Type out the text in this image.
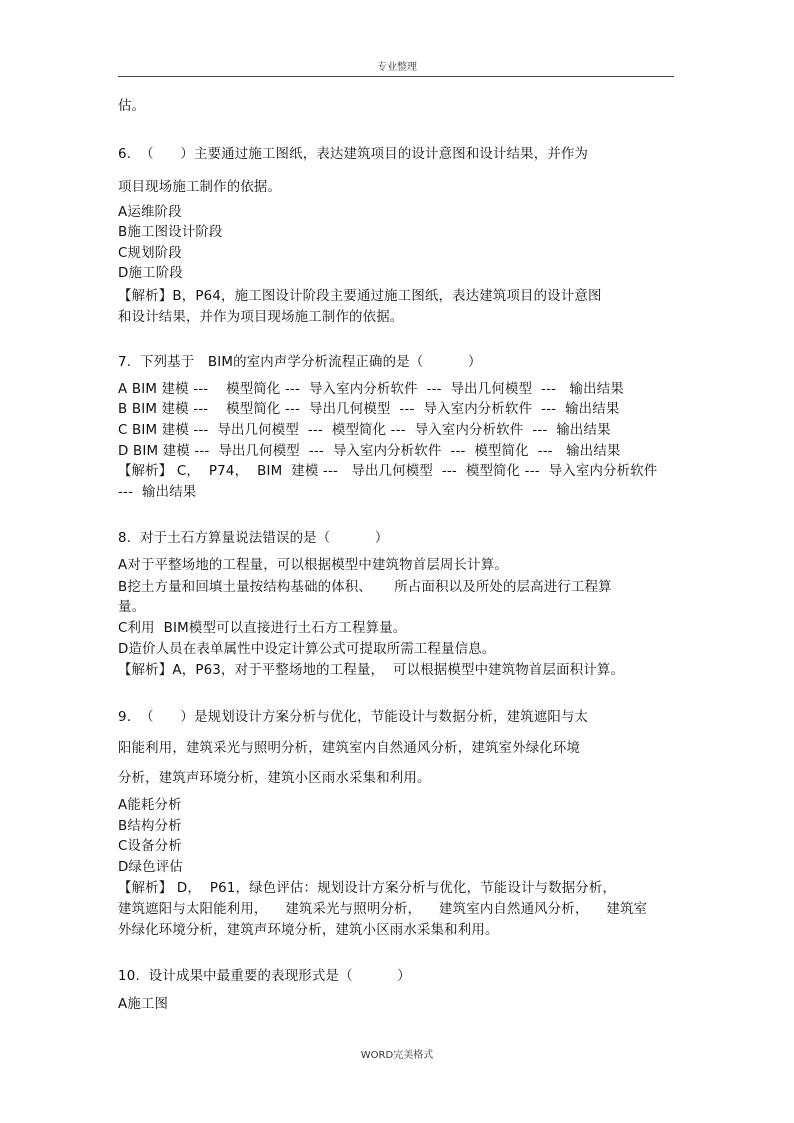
专业整理
估。
6.  （      ）主要通过施工图纸，表达建筑项目的设计意图和设计结果，并作为
项目现场施工制作的依据。
A运维阶段
B施工图设计阶段
C规划阶段
D施工阶段
【解析】B，P64，施工图设计阶段主要通过施工图纸，表达建筑项目的设计意图
和设计结果，并作为项目现场施工制作的依据。
7.  下列基于   BIM的室内声学分析流程正确的是（          ）
A BIM 建模 ---    模型简化 ---  导入室内分析软件  ---  导出几何模型  ---   输出结果
B BIM 建模 ---    模型简化 ---  导出几何模型  ---  导入室内分析软件  ---  输出结果
C BIM 建模 ---  导出几何模型  ---  模型简化 ---  导入室内分析软件  ---  输出结果
D BIM 建模 ---  导出几何模型  ---  导入室内分析软件  ---  模型简化  ---   输出结果
【解析】 C，  P74，  BIM  建模 ---   导出几何模型  ---  模型简化 ---  导入室内分析软件
---  输出结果
8.  对于土石方算量说法错误的是（          ）
A对于平整场地的工程量，可以根据模型中建筑物首层周长计算。
B挖土方量和回填土量按结构基础的体积、     所占面积以及所处的层高进行工程算
量。
C利用  BIM模型可以直接进行土石方工程算量。
D造价人员在表单属性中设定计算公式可提取所需工程量信息。
【解析】A，P63，对于平整场地的工程量，  可以根据模型中建筑物首层面积计算。
9.  （      ）是规划设计方案分析与优化，节能设计与数据分析，建筑遮阳与太
阳能利用，建筑采光与照明分析，建筑室内自然通风分析，建筑室外绿化环境
分析，建筑声环境分析，建筑小区雨水采集和利用。
A能耗分析
B结构分析
C设备分析
D绿色评估
【解析】 D，  P61，绿色评估：规划设计方案分析与优化，节能设计与数据分析，
建筑遮阳与太阳能利用，    建筑采光与照明分析，    建筑室内自然通风分析，    建筑室
外绿化环境分析，建筑声环境分析，建筑小区雨水采集和利用。
10.  设计成果中最重要的表现形式是（          ）
A施工图
WORD完美格式
